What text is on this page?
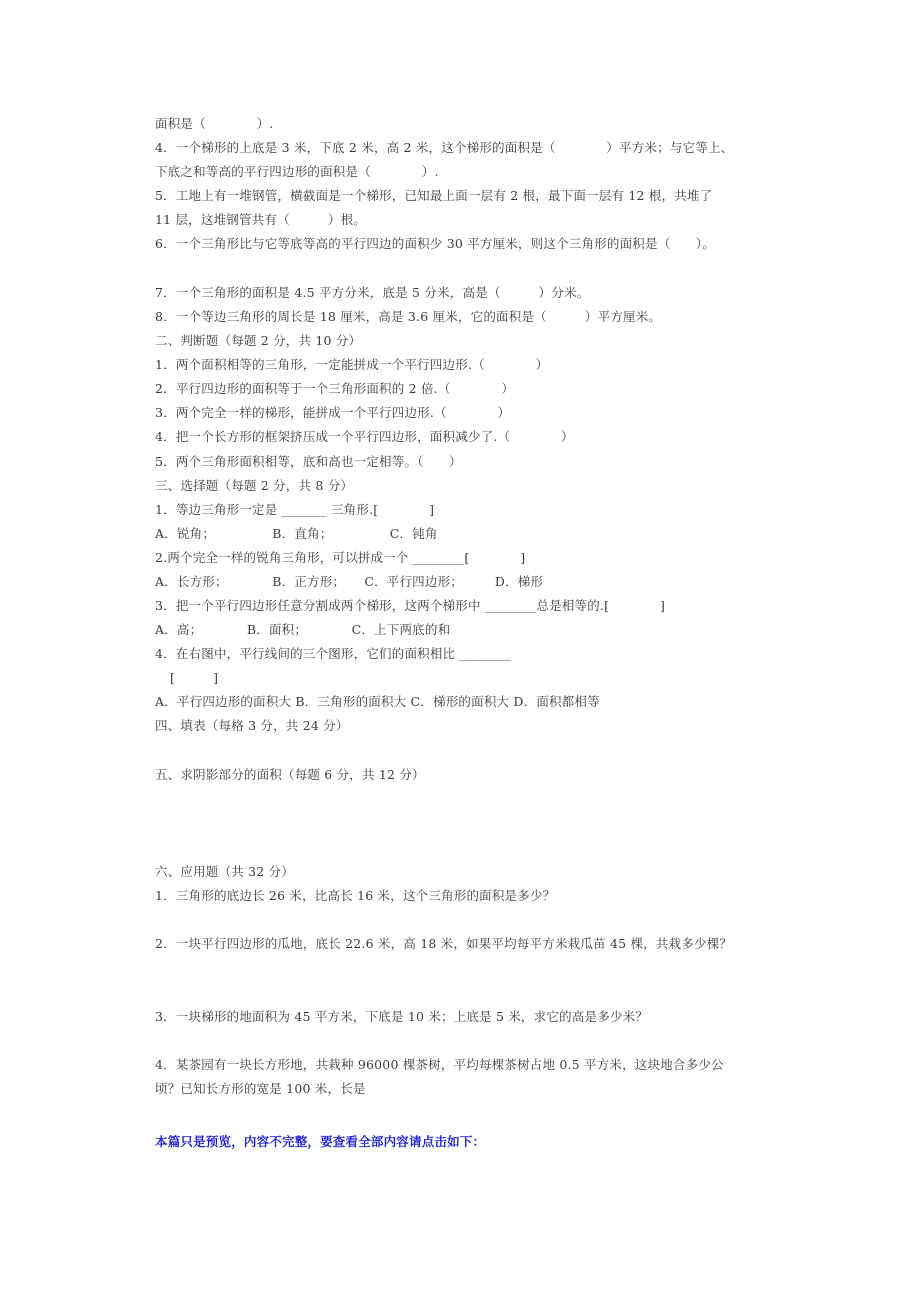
面积是（　　　　）.
4．一个梯形的上底是 3 米，下底 2 米，高 2 米，这个梯形的面积是（　　　　）平方米；与它等上、
下底之和等高的平行四边形的面积是（　　　　）.
5．工地上有一堆钢管，横截面是一个梯形，已知最上面一层有 2 根，最下面一层有 12 根，共堆了
11 层，这堆钢管共有（　　　）根。
6．一个三角形比与它等底等高的平行四边的面积少 30 平方厘米，则这个三角形的面积是（　　）。
7．一个三角形的面积是 4.5 平方分米，底是 5 分米，高是（　　　）分米。
8．一个等边三角形的周长是 18 厘米，高是 3.6 厘米，它的面积是（　　　）平方厘米。
二、判断题（每题 2 分，共 10 分）
1．两个面积相等的三角形，一定能拼成一个平行四边形.（　　　　）
2．平行四边形的面积等于一个三角形面积的 2 倍.（　　　　）
3．两个完全一样的梯形，能拼成一个平行四边形.（　　　　）
4．把一个长方形的框架挤压成一个平行四边形，面积减少了.（　　　　）
5．两个三角形面积相等，底和高也一定相等。（　　）
三、选择题（每题 2 分，共 8 分）
1．等边三角形一定是 _______ 三角形.[　　　　]
A．锐角；　　　　　B．直角；　　　　　C．钝角
2.两个完全一样的锐角三角形，可以拼成一个 ________[　　　　]
A．长方形；　　　　B．正方形；　　C．平行四边形；　　　D．梯形
3．把一个平行四边形任意分割成两个梯形，这两个梯形中 ________总是相等的.[　　　　]
A．高；　　　　B．面积；　　　　C．上下两底的和
4．在右图中，平行线间的三个图形，它们的面积相比 ________
[　　　]
A．平行四边形的面积大 B．三角形的面积大 C．梯形的面积大 D．面积都相等
四、填表（每格 3 分，共 24 分）
五、求阴影部分的面积（每题 6 分，共 12 分）
六、应用题（共 32 分）
1．三角形的底边长 26 米，比高长 16 米，这个三角形的面积是多少？
2．一块平行四边形的瓜地，底长 22.6 米，高 18 米，如果平均每平方米栽瓜苗 45 棵，共栽多少棵？
3．一块梯形的地面积为 45 平方米，下底是 10 米；上底是 5 米，求它的高是多少米？
4．某茶园有一块长方形地，共栽种 96000 棵茶树，平均每棵茶树占地 0.5 平方米，这块地合多少公
顷？已知长方形的宽是 100 米，长是
本篇只是预览，内容不完整，要查看全部内容请点击如下：
